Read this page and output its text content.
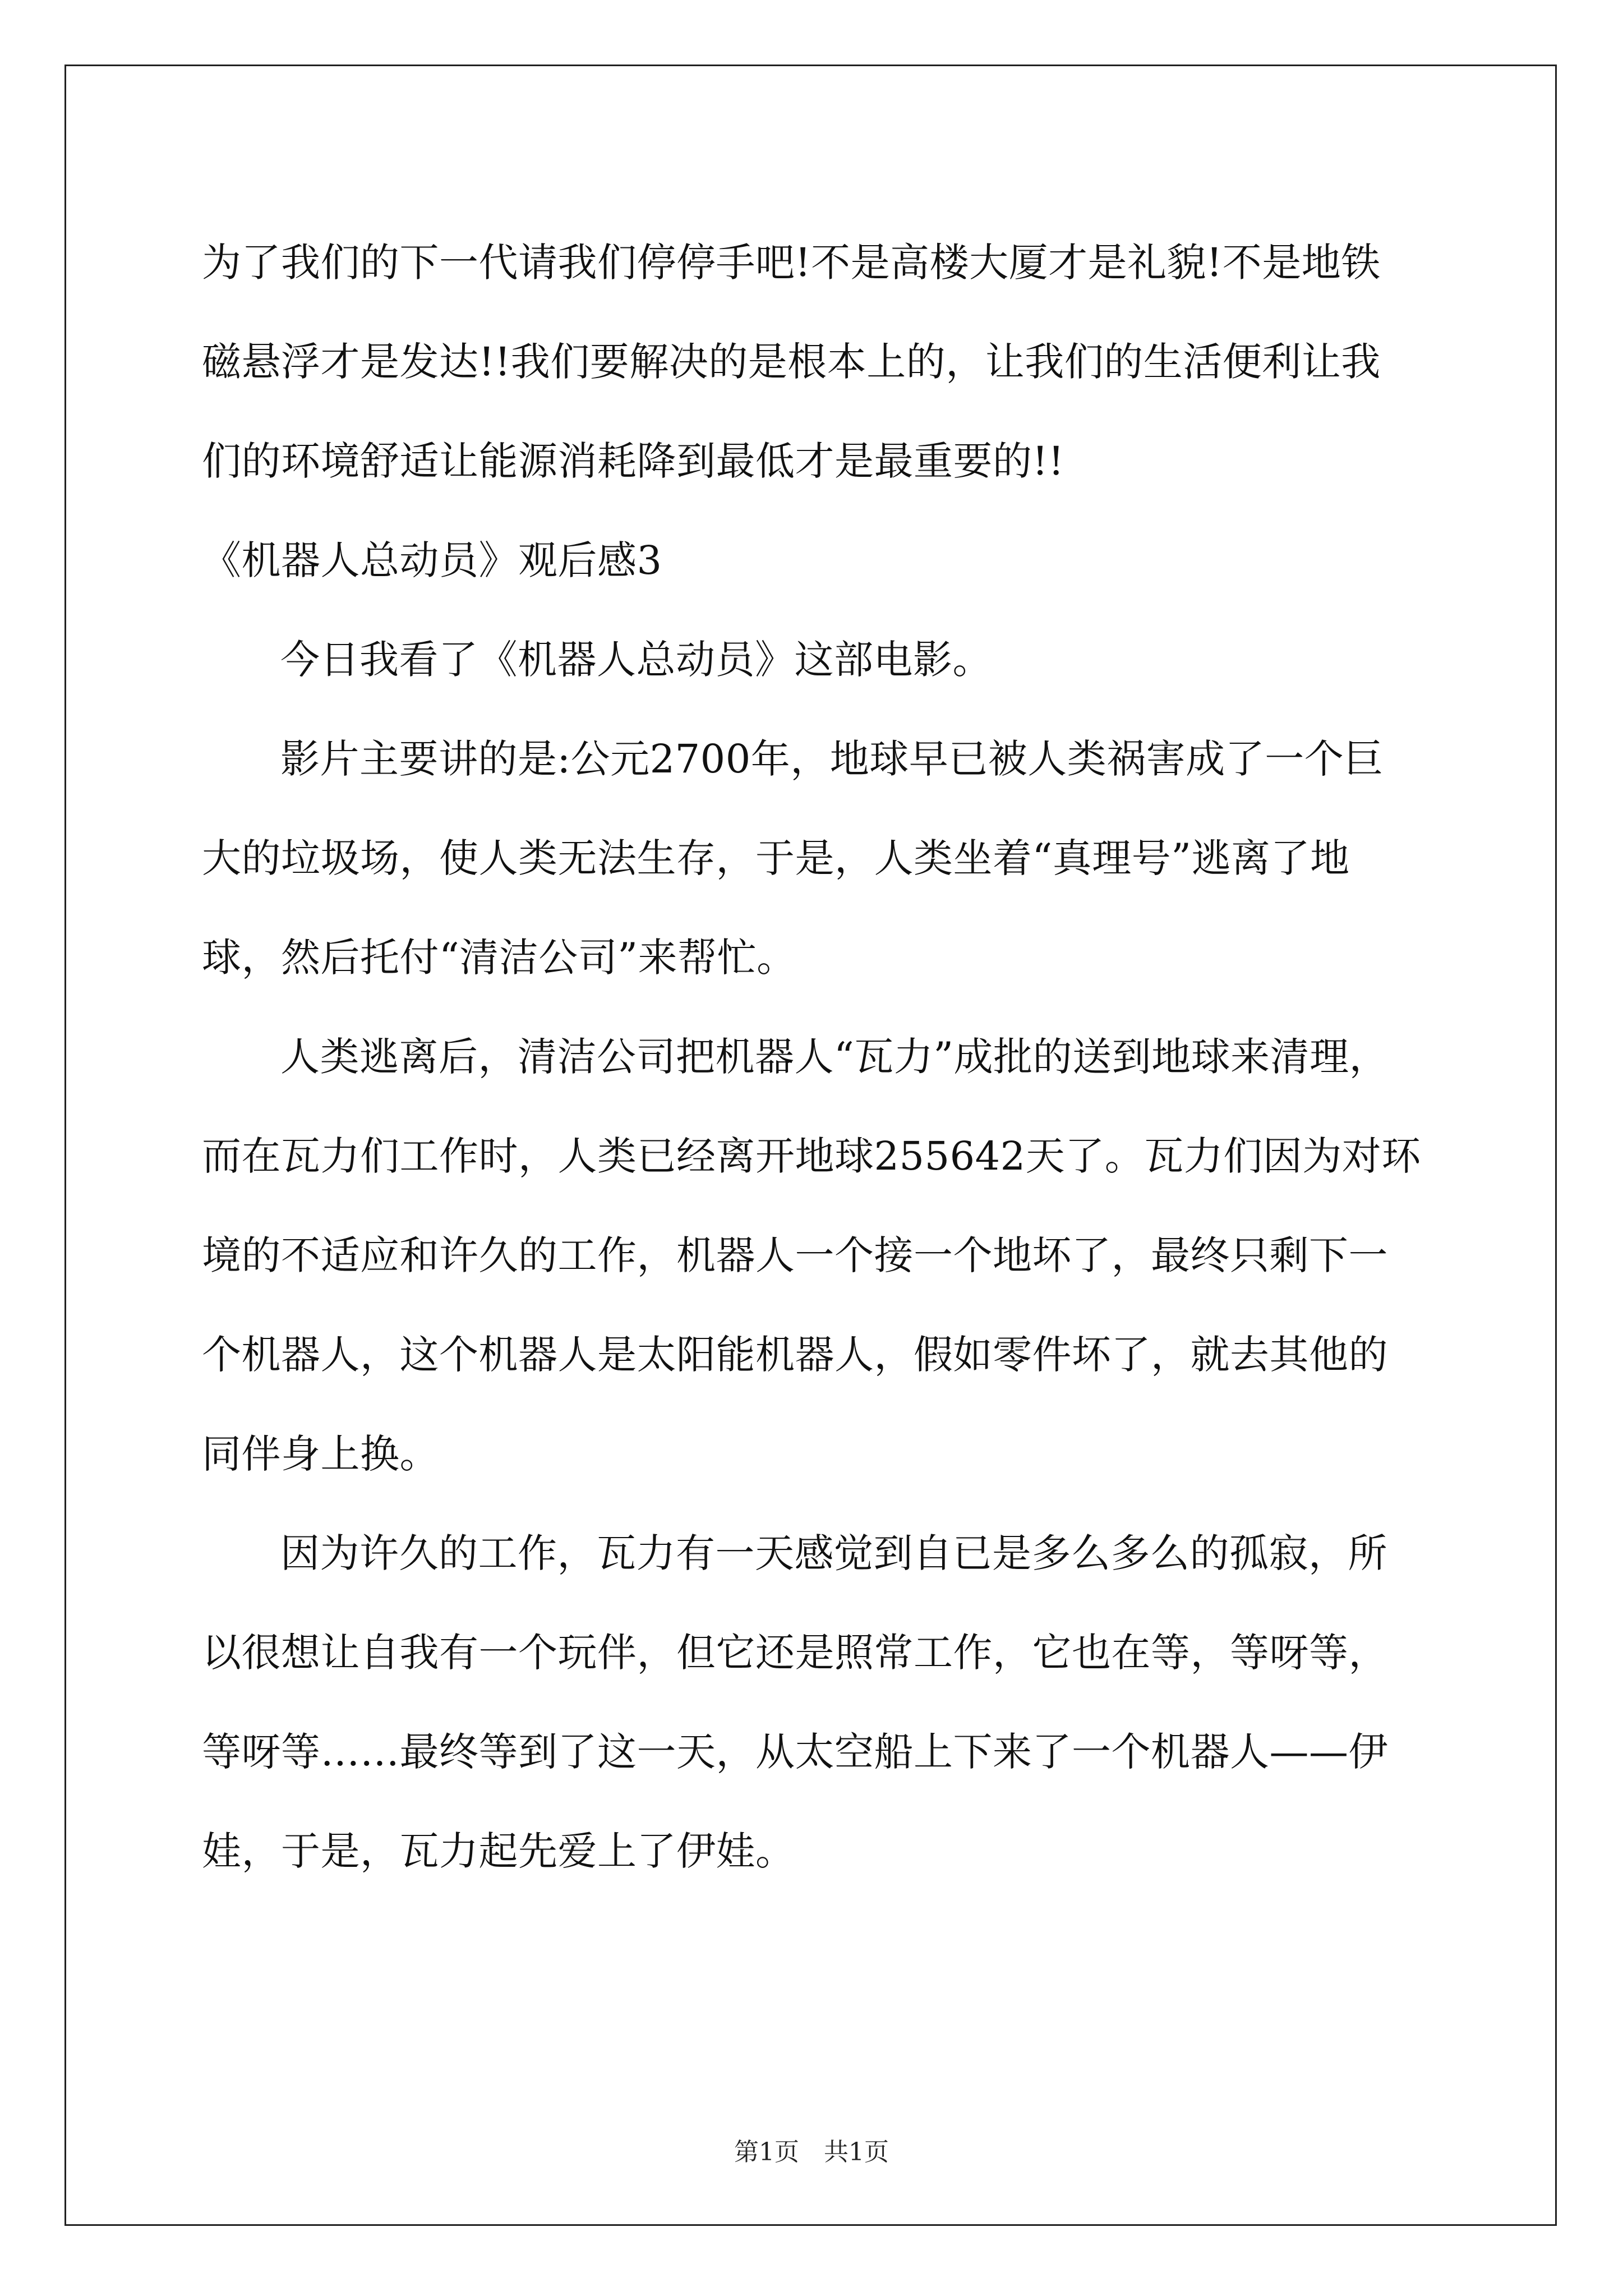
为了我们的下一代请我们停停手吧!不是高楼大厦才是礼貌!不是地铁
磁悬浮才是发达!!我们要解决的是根本上的，让我们的生活便利让我
们的环境舒适让能源消耗降到最低才是最重要的!!
《机器人总动员》观后感3
今日我看了《机器人总动员》这部电影。
影片主要讲的是:公元2700年，地球早已被人类祸害成了一个巨
大的垃圾场，使人类无法生存，于是，人类坐着“真理号”逃离了地
球，然后托付“清洁公司”来帮忙。
人类逃离后，清洁公司把机器人“瓦力”成批的送到地球来清理，
而在瓦力们工作时，人类已经离开地球255642天了。瓦力们因为对环
境的不适应和许久的工作，机器人一个接一个地坏了，最终只剩下一
个机器人，这个机器人是太阳能机器人，假如零件坏了，就去其他的
同伴身上换。
因为许久的工作，瓦力有一天感觉到自已是多么多么的孤寂，所
以很想让自我有一个玩伴，但它还是照常工作，它也在等，等呀等，
等呀等……最终等到了这一天，从太空船上下来了一个机器人——伊
娃，于是，瓦力起先爱上了伊娃。
第1页　共1页
